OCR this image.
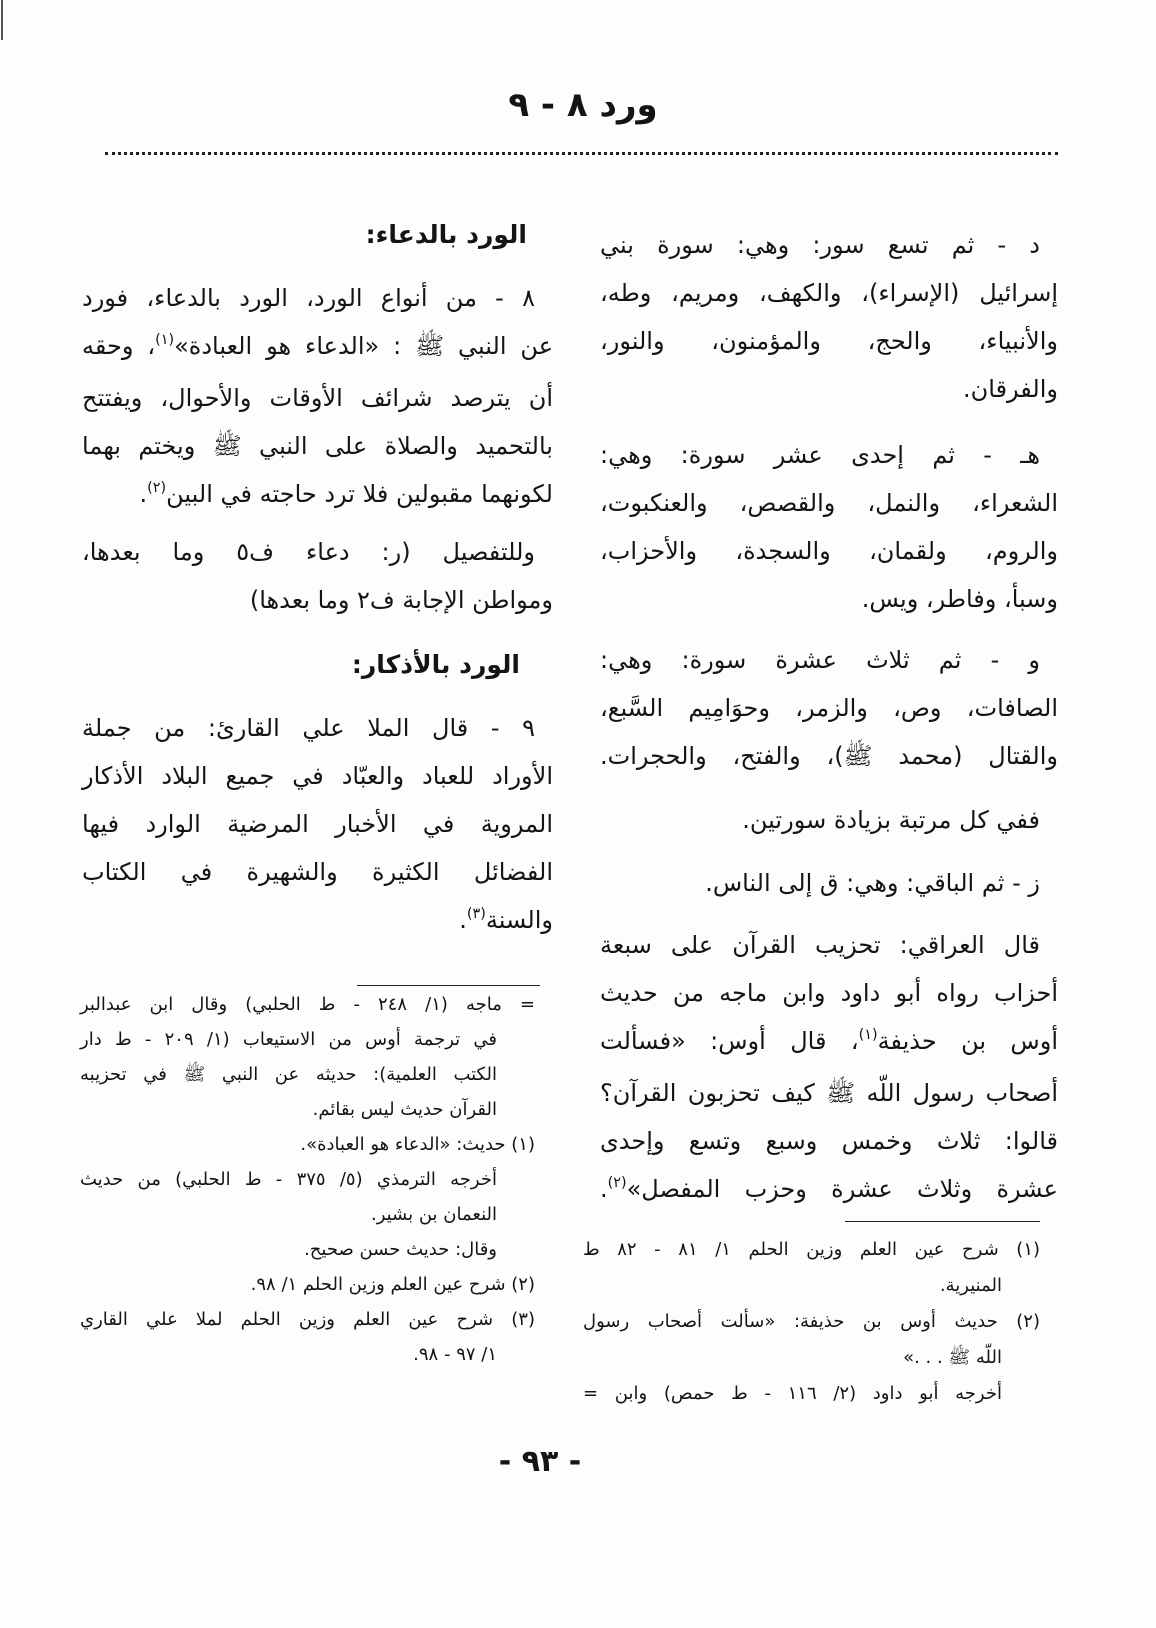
ورد ٨ - ٩
د - ثم تسع سور: وهي: سورة بني
إسرائيل (الإسراء)، والكهف، ومريم، وطه،
والأنبياء، والحج، والمؤمنون، والنور،
والفرقان.
هـ - ثم إحدى عشر سورة: وهي:
الشعراء، والنمل، والقصص، والعنكبوت،
والروم، ولقمان، والسجدة، والأحزاب،
وسبأ، وفاطر، ويس.
و - ثم ثلاث عشرة سورة: وهي:
الصافات، وص، والزمر، وحوَامِيم السَّبع،
والقتال (محمد ﷺ)، والفتح، والحجرات.
ففي كل مرتبة بزيادة سورتين.
ز - ثم الباقي: وهي: ق إلى الناس.
قال العراقي: تحزيب القرآن على سبعة
أحزاب رواه أبو داود وابن ماجه من حديث
أوس بن حذيفة$^{(١)}$، قال أوس: «فسألت
أصحاب رسول اللّه ﷺ كيف تحزبون القرآن؟
قالوا: ثلاث وخمس وسبع وتسع وإحدى
عشرة وثلاث عشرة وحزب المفصل»$^{(٢)}$.
(١) شرح عين العلم وزين الحلم ١/ ٨١ - ٨٢ ط
المنيرية.
(٢) حديث أوس بن حذيفة: «سألت أصحاب رسول
اللّه ﷺ . . .»
أخرجه أبو داود (٢/ ١١٦ - ط حمص) وابن =
الورد بالدعاء:
٨ - من أنواع الورد، الورد بالدعاء، فورد
عن النبي ﷺ : «الدعاء هو العبادة»$^{(١)}$، وحقه
أن يترصد شرائف الأوقات والأحوال، ويفتتح
بالتحميد والصلاة على النبي ﷺ ويختم بهما
لكونهما مقبولين فلا ترد حاجته في البين$^{(٢)}$.
وللتفصيل (ر: دعاء ف٥ وما بعدها،
ومواطن الإجابة ف٢ وما بعدها)
الورد بالأذكار:
٩ - قال الملا علي القارئ: من جملة
الأوراد للعباد والعبّاد في جميع البلاد الأذكار
المروية في الأخبار المرضية الوارد فيها
الفضائل الكثيرة والشهيرة في الكتاب
والسنة$^{(٣)}$.
= ماجه (١/ ٢٤٨ - ط الحلبي) وقال ابن عبدالبر
في ترجمة أوس من الاستيعاب (١/ ٢٠٩ - ط دار
الكتب العلمية): حديثه عن النبي ﷺ في تحزيبه
القرآن حديث ليس بقائم.
(١) حديث: «الدعاء هو العبادة».
أخرجه الترمذي (٥/ ٣٧٥ - ط الحلبي) من حديث
النعمان بن بشير.
وقال: حديث حسن صحيح.
(٢) شرح عين العلم وزين الحلم ١/ ٩٨.
(٣) شرح عين العلم وزين الحلم لملا علي القاري
١/ ٩٧ - ٩٨.
- ٩٣ -
